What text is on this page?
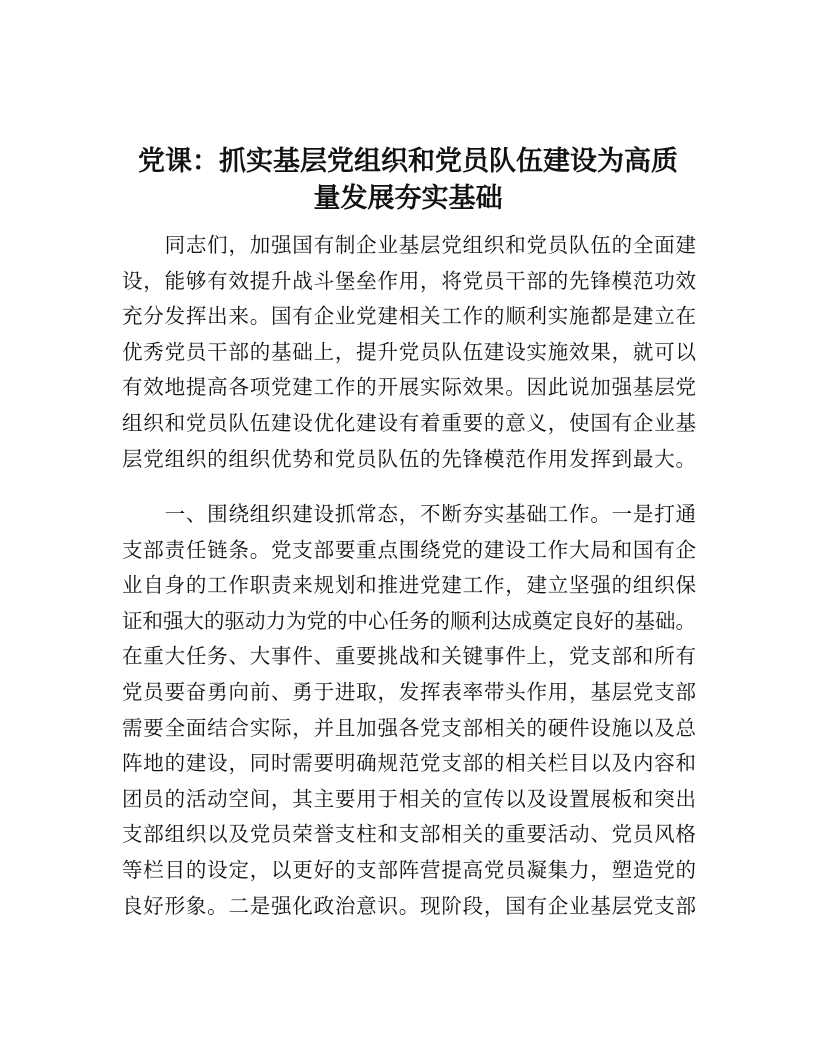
党课：抓实基层党组织和党员队伍建设为高质
量发展夯实基础
　　同志们，加强国有制企业基层党组织和党员队伍的全面建
设，能够有效提升战斗堡垒作用，将党员干部的先锋模范功效
充分发挥出来。国有企业党建相关工作的顺利实施都是建立在
优秀党员干部的基础上，提升党员队伍建设实施效果，就可以
有效地提高各项党建工作的开展实际效果。因此说加强基层党
组织和党员队伍建设优化建设有着重要的意义，使国有企业基
层党组织的组织优势和党员队伍的先锋模范作用发挥到最大。
　　一、围绕组织建设抓常态，不断夯实基础工作。一是打通
支部责任链条。党支部要重点围绕党的建设工作大局和国有企
业自身的工作职责来规划和推进党建工作，建立坚强的组织保
证和强大的驱动力为党的中心任务的顺利达成奠定良好的基础。
在重大任务、大事件、重要挑战和关键事件上，党支部和所有
党员要奋勇向前、勇于进取，发挥表率带头作用，基层党支部
需要全面结合实际，并且加强各党支部相关的硬件设施以及总
阵地的建设，同时需要明确规范党支部的相关栏目以及内容和
团员的活动空间，其主要用于相关的宣传以及设置展板和突出
支部组织以及党员荣誉支柱和支部相关的重要活动、党员风格
等栏目的设定，以更好的支部阵营提高党员凝集力，塑造党的
良好形象。二是强化政治意识。现阶段，国有企业基层党支部
